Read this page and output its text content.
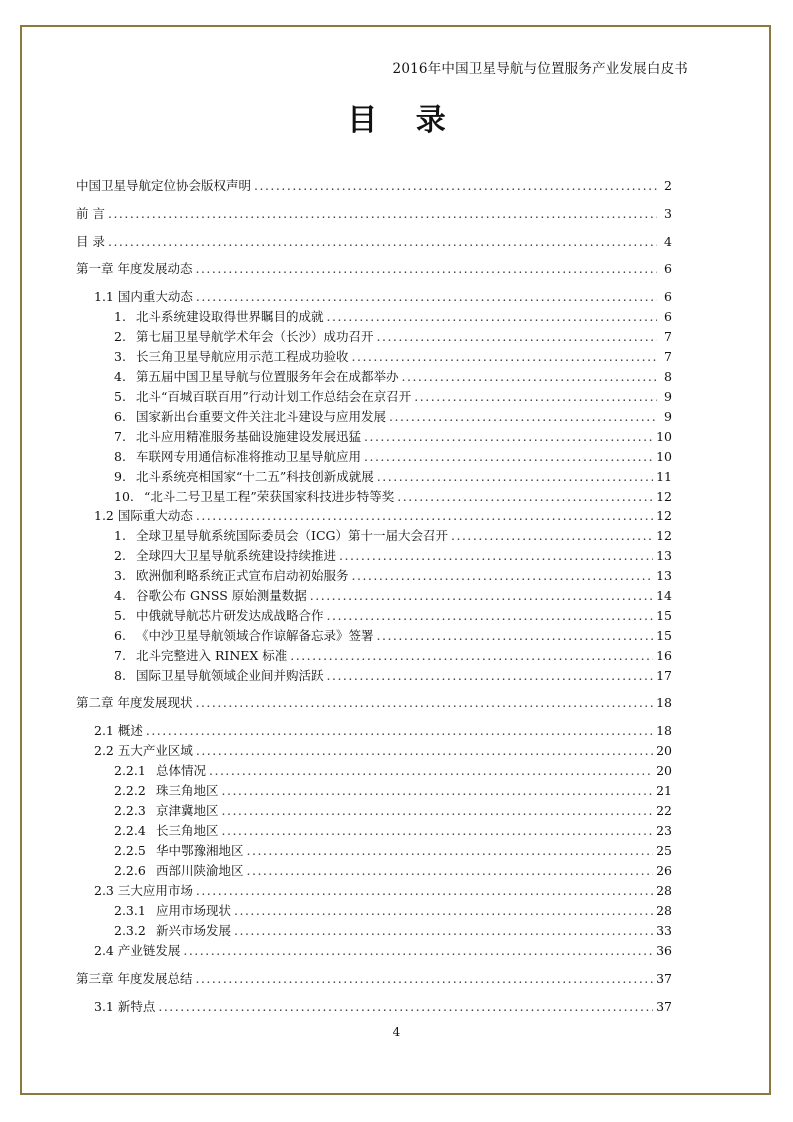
2016年中国卫星导航与位置服务产业发展白皮书
目 录
中国卫星导航定位协会版权声明 .....	2
前 言 .....	3
目 录 .....	4
第一章 年度发展动态 .....	6
1.1 国内重大动态 .....	6
1. 北斗系统建设取得世界瞩目的成就 .....	6
2. 第七届卫星导航学术年会（长沙）成功召开 .....	7
3. 长三角卫星导航应用示范工程成功验收 .....	7
4. 第五届中国卫星导航与位置服务年会在成都举办 .....	8
5. 北斗“百城百联百用”行动计划工作总结会在京召开 .....	9
6. 国家新出台重要文件关注北斗建设与应用发展 .....	9
7. 北斗应用精准服务基础设施建设发展迅猛 .....	10
8. 车联网专用通信标准将推动卫星导航应用 .....	10
9. 北斗系统亮相国家“十二五”科技创新成就展 .....	11
10. “北斗二号卫星工程”荣获国家科技进步特等奖 .....	12
1.2 国际重大动态 .....	12
1. 全球卫星导航系统国际委员会（ICG）第十一届大会召开 .....	12
2. 全球四大卫星导航系统建设持续推进 .....	13
3. 欧洲伽利略系统正式宣布启动初始服务 .....	13
4. 谷歌公布 GNSS 原始测量数据 .....	14
5. 中俄就导航芯片研发达成战略合作 .....	15
6. 《中沙卫星导航领域合作谅解备忘录》签署 .....	15
7. 北斗完整进入 RINEX 标准 .....	16
8. 国际卫星导航领域企业间并购活跃 .....	17
第二章 年度发展现状 .....	18
2.1 概述 .....	18
2.2 五大产业区域 .....	20
2.2.1 总体情况 .....	20
2.2.2 珠三角地区 .....	21
2.2.3 京津冀地区 .....	22
2.2.4 长三角地区 .....	23
2.2.5 华中鄂豫湘地区 .....	25
2.2.6 西部川陕渝地区 .....	26
2.3 三大应用市场 .....	28
2.3.1 应用市场现状 .....	28
2.3.2 新兴市场发展 .....	33
2.4 产业链发展 .....	36
第三章 年度发展总结 .....	37
3.1 新特点 .....	37
4
